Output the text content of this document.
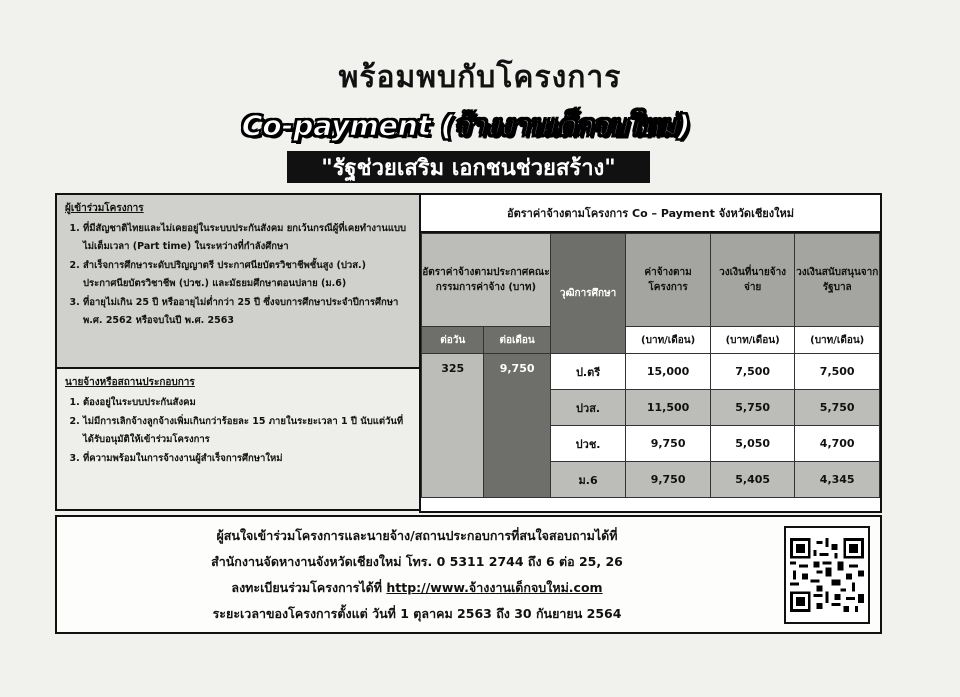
พร้อมพบกับโครงการ
Co-payment (จ้างงานเด็กจบใหม่)
"รัฐช่วยเสริม เอกชนช่วยสร้าง"
ผู้เข้าร่วมโครงการ
1. ที่มีสัญชาติไทยและไม่เคยอยู่ในระบบประกันสังคม ยกเว้นกรณีผู้ที่เคยทำงานแบบไม่เต็มเวลา (Part time) ในระหว่างที่กำลังศึกษา
2. สำเร็จการศึกษาระดับปริญญาตรี ประกาศนียบัตรวิชาชีพชั้นสูง (ปวส.) ประกาศนียบัตรวิชาชีพ (ปวช.) และมัธยมศึกษาตอนปลาย (ม.6)
3. ที่อายุไม่เกิน 25 ปี หรืออายุไม่ต่ำกว่า 25 ปี ซึ่งจบการศึกษาประจำปีการศึกษา พ.ศ. 2562 หรือจบในปี พ.ศ. 2563
นายจ้างหรือสถานประกอบการ
1. ต้องอยู่ในระบบประกันสังคม
2. ไม่มีการเลิกจ้างลูกจ้างเพิ่มเกินกว่าร้อยละ 15 ภายในระยะเวลา 1 ปี นับแต่วันที่ได้รับอนุมัติให้เข้าร่วมโครงการ
3. ที่ความพร้อมในการจ้างงานผู้สำเร็จการศึกษาใหม่
อัตราค่าจ้างตามโครงการ Co – Payment จังหวัดเชียงใหม่
อัตราค่าจ้างตามประกาศคณะกรรมการค่าจ้าง (บาท)		วุฒิการศึกษา	ค่าจ้างตามโครงการ	วงเงินที่นายจ้างจ่าย	วงเงินสนับสนุนจากรัฐบาล
ต่อวัน	ต่อเดือน		(บาท/เดือน)	(บาท/เดือน)	(บาท/เดือน)
325	9,750	ป.ตรี	15,000	7,500	7,500
		ปวส.	11,500	5,750	5,750
		ปวช.	9,750	5,050	4,700
		ม.6	9,750	5,405	4,345
ผู้สนใจเข้าร่วมโครงการและนายจ้าง/สถานประกอบการที่สนใจสอบถามได้ที่
สำนักงานจัดหางานจังหวัดเชียงใหม่ โทร. 0 5311 2744 ถึง 6 ต่อ 25, 26
ลงทะเบียนร่วมโครงการได้ที่ http://www.จ้างงานเด็กจบใหม่.com
ระยะเวลาของโครงการตั้งแต่ วันที่ 1 ตุลาคม 2563 ถึง 30 กันยายน 2564
